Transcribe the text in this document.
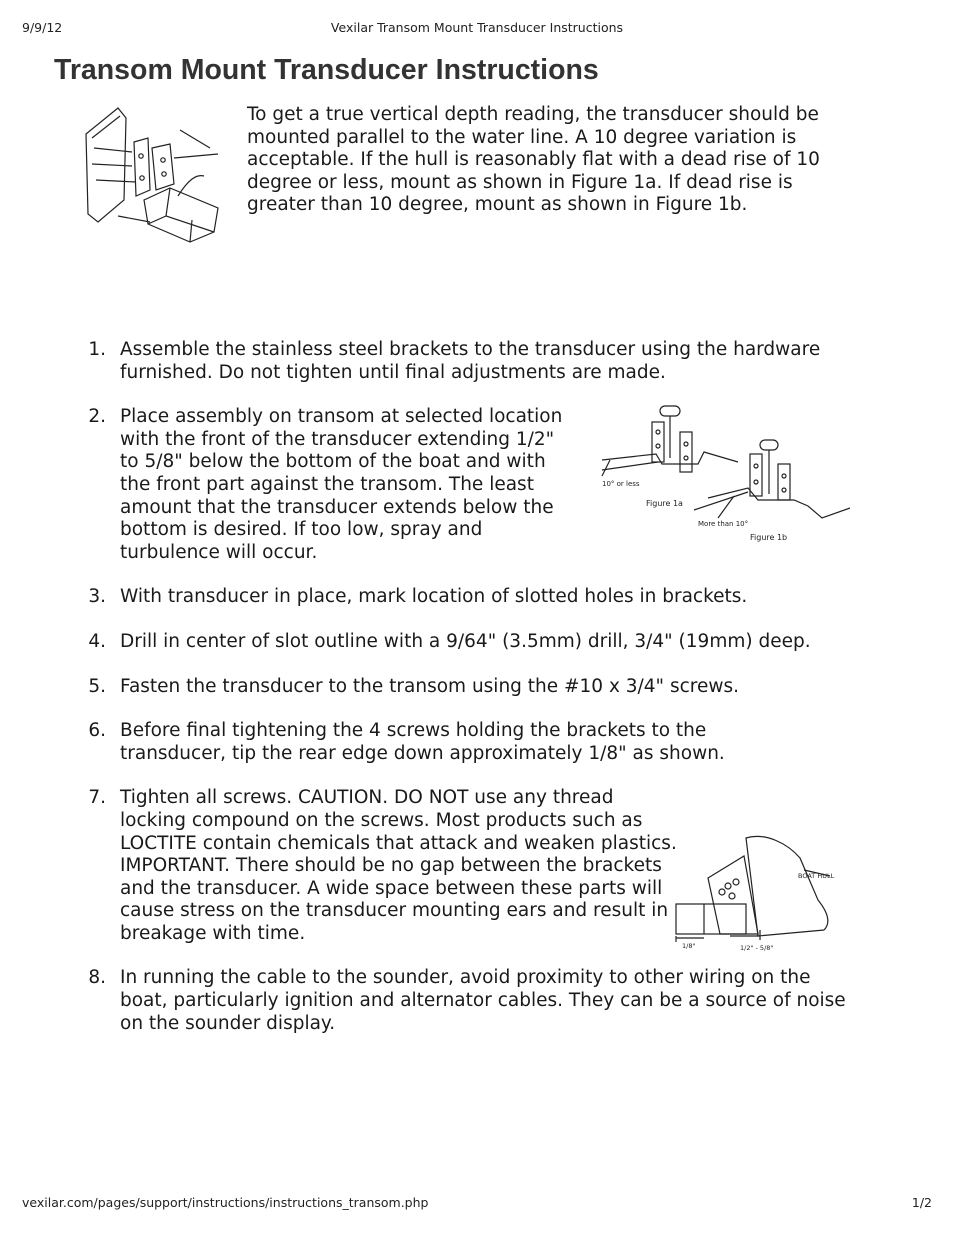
9/9/12	Vexilar Transom Mount Transducer Instructions
Transom Mount Transducer Instructions

To get a true vertical depth reading, the transducer should be mounted parallel to the water line. A 10 degree variation is acceptable. If the hull is reasonably flat with a dead rise of 10 degree or less, mount as shown in Figure 1a. If dead rise is greater than 10 degree, mount as shown in Figure 1b.

1. Assemble the stainless steel brackets to the transducer using the hardware furnished. Do not tighten until final adjustments are made.
2. Place assembly on transom at selected location with the front of the transducer extending 1/2" to 5/8" below the bottom of the boat and with the front part against the transom. The least amount that the transducer extends below the bottom is desired. If too low, spray and turbulence will occur.
3. With transducer in place, mark location of slotted holes in brackets.
4. Drill in center of slot outline with a 9/64" (3.5mm) drill, 3/4" (19mm) deep.
5. Fasten the transducer to the transom using the #10 x 3/4" screws.
6. Before final tightening the 4 screws holding the brackets to the transducer, tip the rear edge down approximately 1/8" as shown.
7. Tighten all screws. CAUTION. DO NOT use any thread locking compound on the screws. Most products such as LOCTITE contain chemicals that attack and weaken plastics. IMPORTANT. There should be no gap between the brackets and the transducer. A wide space between these parts will cause stress on the transducer mounting ears and result in breakage with time.
8. In running the cable to the sounder, avoid proximity to other wiring on the boat, particularly ignition and alternator cables. They can be a source of noise on the sounder display.
10° or less
Figure 1a
More than 10°
Figure 1b
BOAT HULL
1/8"	1/2" - 5/8"
vexilar.com/pages/support/instructions/instructions_transom.php	1/2
